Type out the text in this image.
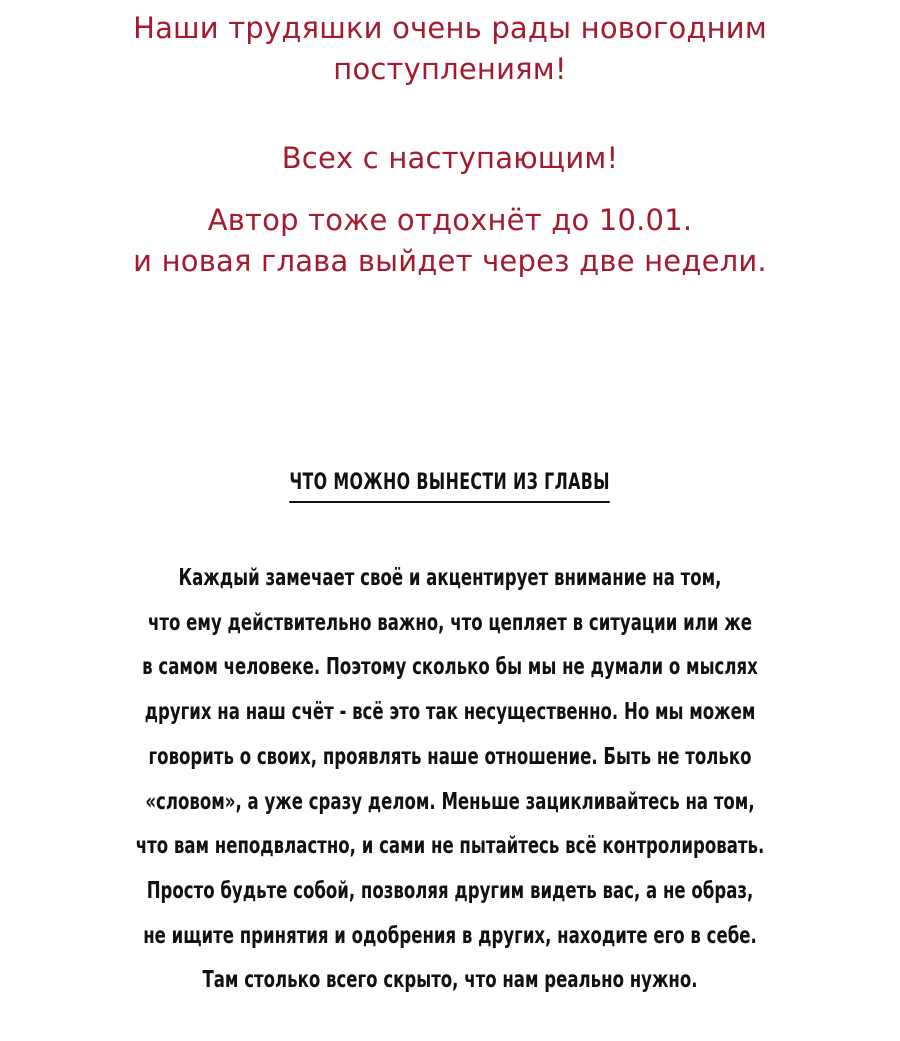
Наши трудяшки очень рады новогодним
поступлениям!
Всех с наступающим!
Автор тоже отдохнёт до 10.01.
и новая глава выйдет через две недели.
ЧТО МОЖНО ВЫНЕСТИ ИЗ ГЛАВЫ
Каждый замечает своё и акцентирует внимание на том,
что ему действительно важно, что цепляет в ситуации или же
в самом человеке. Поэтому сколько бы мы не думали о мыслях
других на наш счёт - всё это так несущественно. Но мы можем
говорить о своих, проявлять наше отношение. Быть не только
«словом», а уже сразу делом. Меньше зацикливайтесь на том,
что вам неподвластно, и сами не пытайтесь всё контролировать.
Просто будьте собой, позволяя другим видеть вас, а не образ,
не ищите принятия и одобрения в других, находите его в себе.
Там столько всего скрыто, что нам реально нужно.
